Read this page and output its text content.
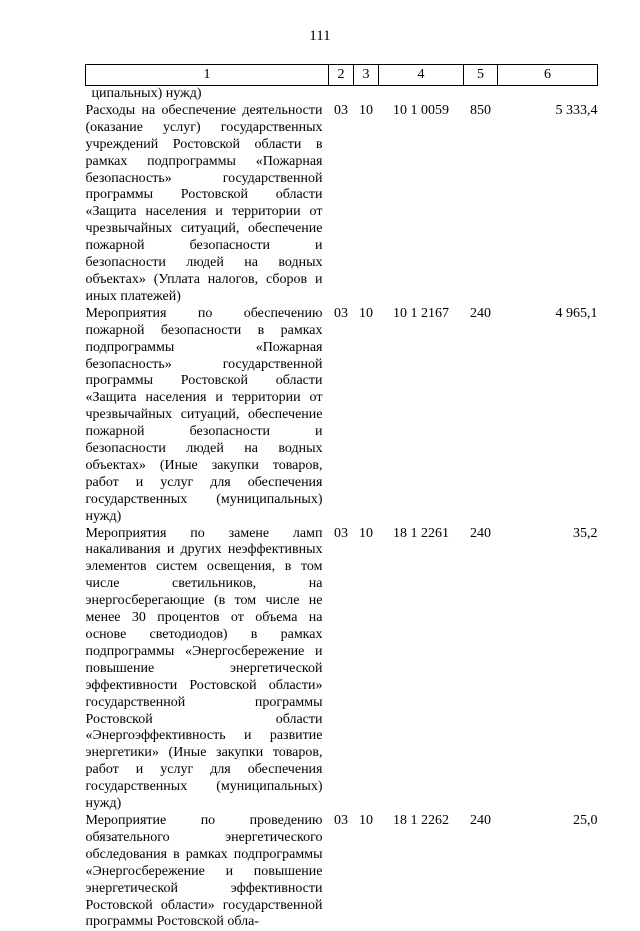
111
1	2	3	4	5	6
ципальных) нужд)					
Расходы на обеспечение деятельности (оказание услуг) государственных учреждений Ростовской области в рамках подпрограммы «Пожарная безопасность» государственной программы Ростовской области «Защита населения и территории от чрезвычайных ситуаций, обеспечение пожарной безопасности и безопасности людей на водных объектах» (Уплата налогов, сборов и иных платежей)	03	10	10 1 0059	850	5 333,4
Мероприятия по обеспечению пожарной безопасности в рамках подпрограммы «Пожарная безопасность» государственной программы Ростовской области «Защита населения и территории от чрезвычайных ситуаций, обеспечение пожарной безопасности и безопасности людей на водных объектах» (Иные закупки товаров, работ и услуг для обеспечения государственных (муниципальных) нужд)	03	10	10 1 2167	240	4 965,1
Мероприятия по замене ламп накаливания и других неэффективных элементов систем освещения, в том числе светильников, на энергосберегающие (в том числе не менее 30 процентов от объема на основе светодиодов) в рамках подпрограммы «Энергосбережение и повышение энергетической эффективности Ростовской области» государственной программы Ростовской области «Энергоэффективность и развитие энергетики» (Иные закупки товаров, работ и услуг для обеспечения государственных (муниципальных) нужд)	03	10	18 1 2261	240	35,2
Мероприятие по проведению обязательного энергетического обследования в рамках подпрограммы «Энергосбережение и повышение энергетической эффективности Ростовской области» государственной программы Ростовской обла-	03	10	18 1 2262	240	25,0
